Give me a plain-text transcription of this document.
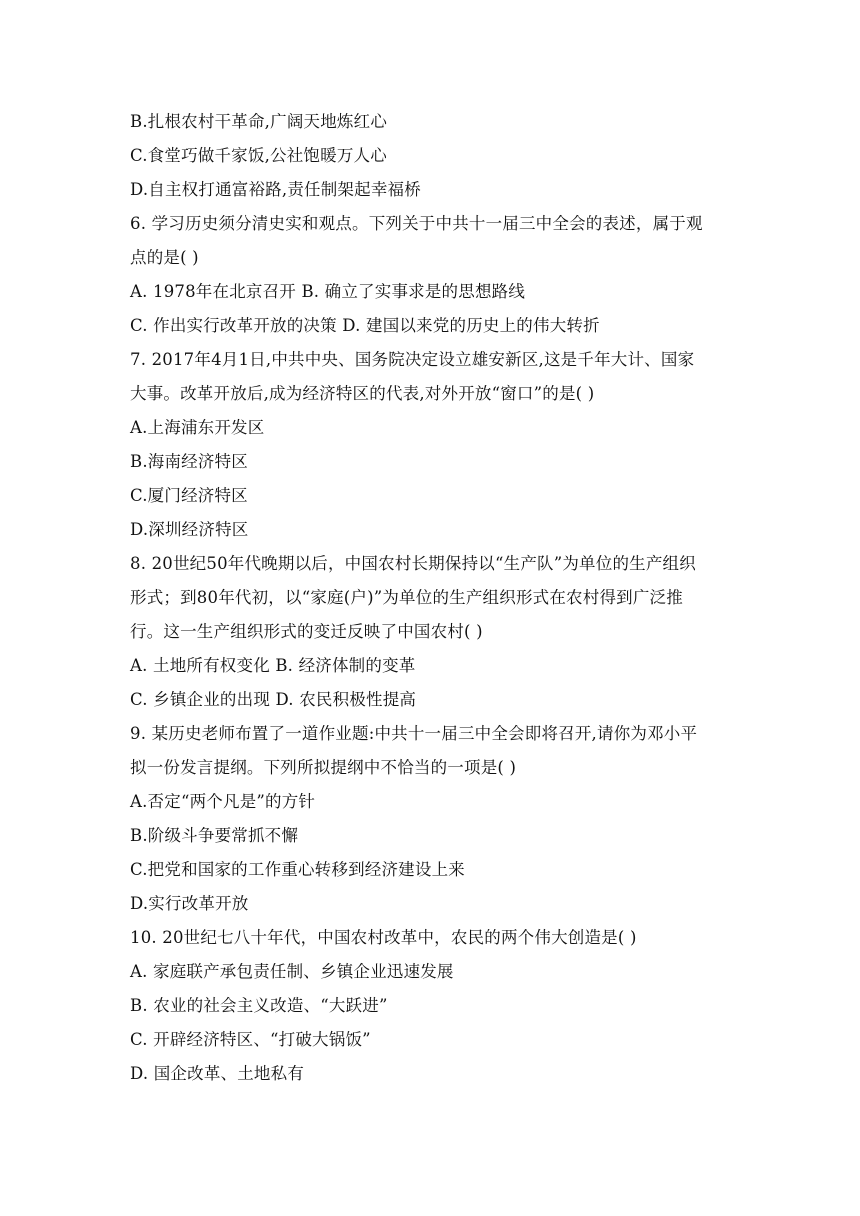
B.扎根农村干革命,广阔天地炼红心
C.食堂巧做千家饭,公社饱暖万人心
D.自主权打通富裕路,责任制架起幸福桥
6. 学习历史须分清史实和观点。下列关于中共十一届三中全会的表述，属于观
点的是( )
A. 1978年在北京召开 B. 确立了实事求是的思想路线
C. 作出实行改革开放的决策 D. 建国以来党的历史上的伟大转折
7. 2017年4月1日,中共中央、国务院决定设立雄安新区,这是千年大计、国家
大事。改革开放后,成为经济特区的代表,对外开放“窗口”的是( )
A.上海浦东开发区
B.海南经济特区
C.厦门经济特区
D.深圳经济特区
8. 20世纪50年代晚期以后，中国农村长期保持以“生产队”为单位的生产组织
形式；到80年代初，以“家庭(户)”为单位的生产组织形式在农村得到广泛推
行。这一生产组织形式的变迁反映了中国农村( )
A. 土地所有权变化 B. 经济体制的变革
C. 乡镇企业的出现 D. 农民积极性提高
9. 某历史老师布置了一道作业题:中共十一届三中全会即将召开,请你为邓小平
拟一份发言提纲。下列所拟提纲中不恰当的一项是( )
A.否定“两个凡是”的方针
B.阶级斗争要常抓不懈
C.把党和国家的工作重心转移到经济建设上来
D.实行改革开放
10. 20世纪七八十年代，中国农村改革中，农民的两个伟大创造是( )
A. 家庭联产承包责任制、乡镇企业迅速发展
B. 农业的社会主义改造、“大跃进”
C. 开辟经济特区、“打破大锅饭”
D. 国企改革、土地私有
